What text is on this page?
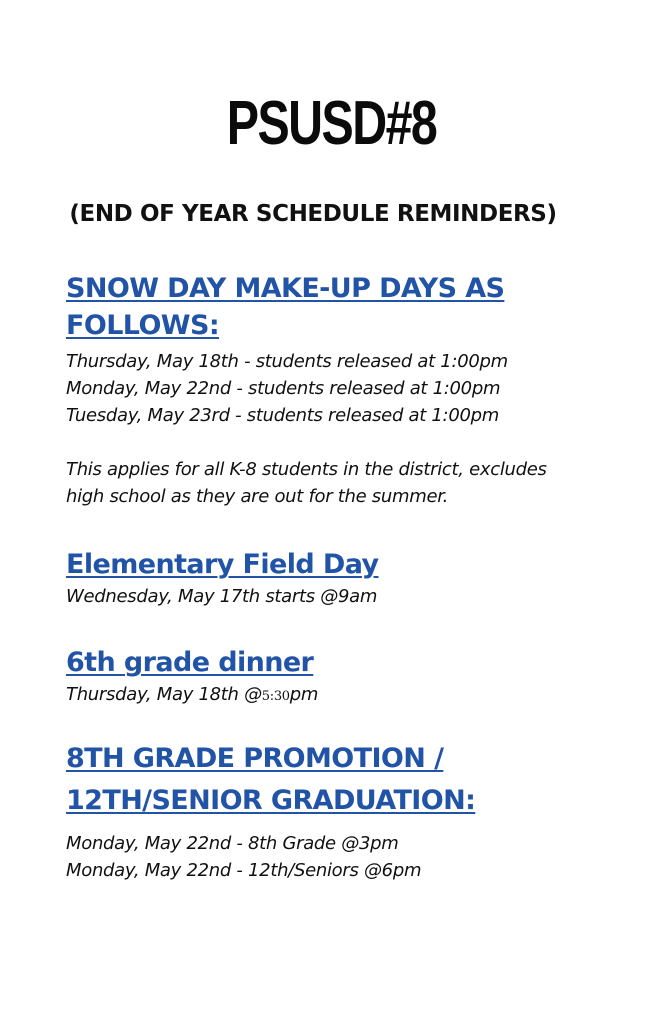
PSUSD#8

(END OF YEAR SCHEDULE REMINDERS)

SNOW DAY MAKE-UP DAYS AS
FOLLOWS:

Thursday, May 18th - students released at 1:00pm
Monday, May 22nd - students released at 1:00pm
Tuesday, May 23rd - students released at 1:00pm

This applies for all K-8 students in the district, excludes
high school as they are out for the summer.

Elementary Field Day

Wednesday, May 17th starts @9am

6th grade dinner

Thursday, May 18th @5:30pm

8TH GRADE PROMOTION /
12TH/SENIOR GRADUATION:

Monday, May 22nd - 8th Grade @3pm
Monday, May 22nd - 12th/Seniors @6pm
